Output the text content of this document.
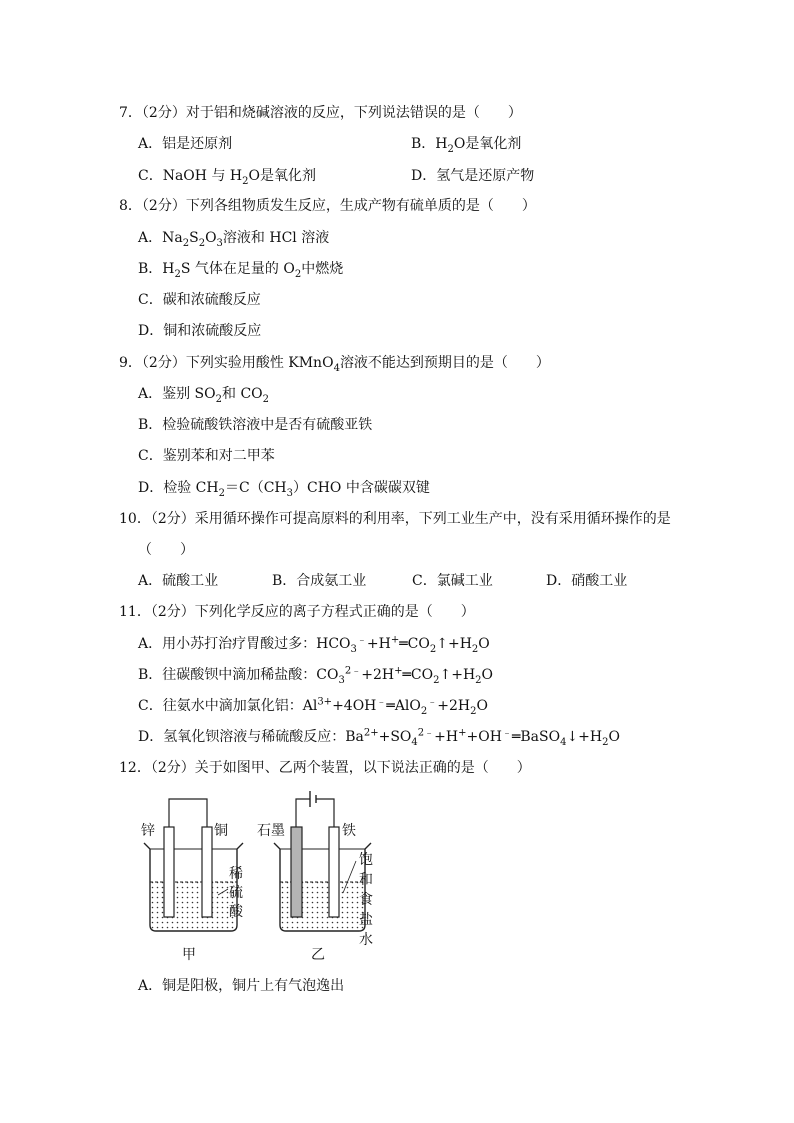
7．（2分）对于铝和烧碱溶液的反应，下列说法错误的是（　　）
A．铝是还原剂	B．$H_2O$是氧化剂
C．NaOH 与 $H_2O$是氧化剂	D．氢气是还原产物
8．（2分）下列各组物质发生反应，生成产物有硫单质的是（　　）
A．$Na_2S_2O_3$溶液和 HCl 溶液
B．$H_2S$ 气体在足量的 $O_2$中燃烧
C．碳和浓硫酸反应
D．铜和浓硫酸反应
9．（2分）下列实验用酸性 KMnO$_4$溶液不能达到预期目的是（　　）
A．鉴别 $SO_2$和 $CO_2$
B．检验硫酸铁溶液中是否有硫酸亚铁
C．鉴别苯和对二甲苯
D．检验 $CH_2=C(CH_3)CHO$ 中含碳碳双键
10．（2分）采用循环操作可提高原料的利用率，下列工业生产中，没有采用循环操作的是
（　　）
A．硫酸工业	B．合成氨工业	C．氯碱工业	D．硝酸工业
11．（2分）下列化学反应的离子方程式正确的是（　　）
A．用小苏打治疗胃酸过多：$HCO_3^﹣+H^+═CO_2↑+H_2O$
B．往碳酸钡中滴加稀盐酸：$CO_3^{2﹣}+2H^+═CO_2↑+H_2O$
C．往氨水中滴加氯化铝：$Al^{3+}+4OH^﹣═AlO_2^﹣+2H_2O$
D．氢氧化钡溶液与稀硫酸反应：$Ba^{2+}+SO_4^{2﹣}+H^++OH^﹣═BaSO_4↓+H_2O$
12．（2分）关于如图甲、乙两个装置，以下说法正确的是（　　）
锌	铜
稀
硫
酸
甲
石墨	铁
饱
和
食
盐
水
乙
A．铜是阳极，铜片上有气泡逸出
